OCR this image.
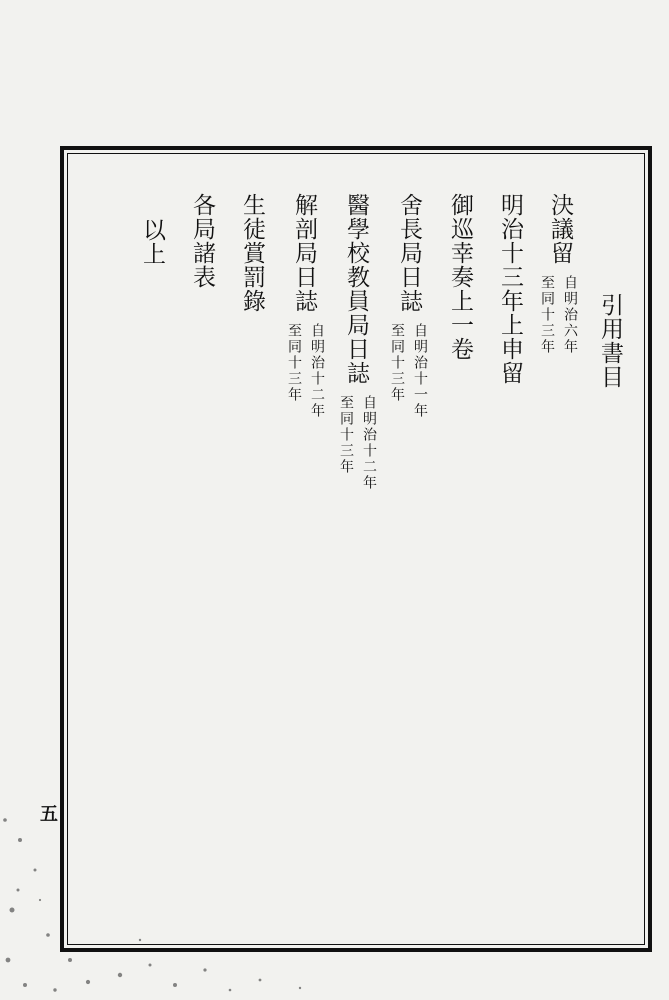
引用書目
決議留
自明治六年
至同十三年
明治十三年上申留
御巡幸奏上一卷
舍長局日誌
自明治十一年
至同十三年
醫學校教員局日誌
自明治十二年
至同十三年
解剖局日誌
自明治十二年
至同十三年
生徒賞罰錄
各局諸表
以上
五
